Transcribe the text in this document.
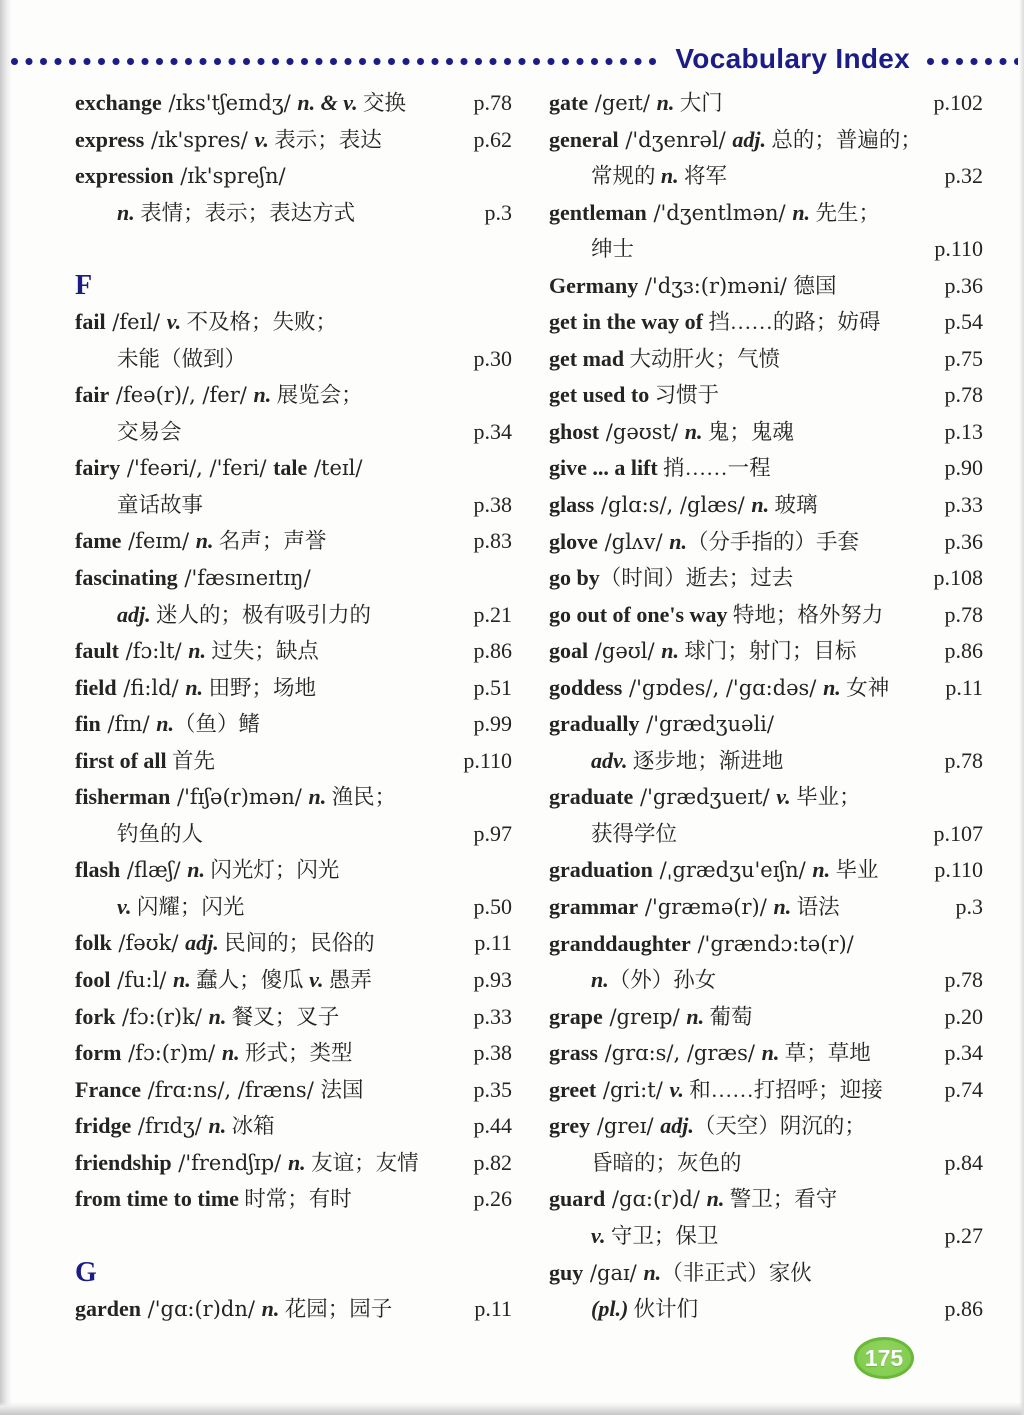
Vocabulary Index
exchange /ɪks'tʃeɪndʒ/ n. & v. 交换	p.78
express /ɪk'spres/ v. 表示；表达	p.62
expression /ɪk'spreʃn/
n. 表情；表示；表达方式	p.3
F
fail /feɪl/ v. 不及格；失败；
未能（做到）	p.30
fair /feə(r)/, /fer/ n. 展览会；
交易会	p.34
fairy /'feəri/, /'feri/ tale /teɪl/
童话故事	p.38
fame /feɪm/ n. 名声；声誉	p.83
fascinating /'fæsɪneɪtɪŋ/
adj. 迷人的；极有吸引力的	p.21
fault /fɔ:lt/ n. 过失；缺点	p.86
field /fi:ld/ n. 田野；场地	p.51
fin /fɪn/ n.（鱼）鳍	p.99
first of all 首先	p.110
fisherman /'fɪʃə(r)mən/ n. 渔民；
钓鱼的人	p.97
flash /flæʃ/ n. 闪光灯；闪光
v. 闪耀；闪光	p.50
folk /fəʊk/ adj. 民间的；民俗的	p.11
fool /fu:l/ n. 蠢人；傻瓜 v. 愚弄	p.93
fork /fɔ:(r)k/ n. 餐叉；叉子	p.33
form /fɔ:(r)m/ n. 形式；类型	p.38
France /frɑ:ns/, /fræns/ 法国	p.35
fridge /frɪdʒ/ n. 冰箱	p.44
friendship /'frendʃɪp/ n. 友谊；友情	p.82
from time to time 时常；有时	p.26
G
garden /'gɑ:(r)dn/ n. 花园；园子	p.11
gate /geɪt/ n. 大门	p.102
general /'dʒenrəl/ adj. 总的；普遍的；
常规的 n. 将军	p.32
gentleman /'dʒentlmən/ n. 先生；
绅士	p.110
Germany /'dʒɜ:(r)məni/ 德国	p.36
get in the way of 挡……的路；妨碍	p.54
get mad 大动肝火；气愤	p.75
get used to 习惯于	p.78
ghost /gəʊst/ n. 鬼；鬼魂	p.13
give ... a lift 捎……一程	p.90
glass /glɑ:s/, /glæs/ n. 玻璃	p.33
glove /glʌv/ n.（分手指的）手套	p.36
go by（时间）逝去；过去	p.108
go out of one's way 特地；格外努力	p.78
goal /gəʊl/ n. 球门；射门；目标	p.86
goddess /'gɒdes/, /'gɑ:dəs/ n. 女神	p.11
gradually /'grædʒuəli/
adv. 逐步地；渐进地	p.78
graduate /'grædʒueɪt/ v. 毕业；
获得学位	p.107
graduation /ˌgrædʒu'eɪʃn/ n. 毕业	p.110
grammar /'græmə(r)/ n. 语法	p.3
granddaughter /'grændɔ:tə(r)/
n.（外）孙女	p.78
grape /greɪp/ n. 葡萄	p.20
grass /grɑ:s/, /græs/ n. 草；草地	p.34
greet /gri:t/ v. 和……打招呼；迎接	p.74
grey /greɪ/ adj.（天空）阴沉的；
昏暗的；灰色的	p.84
guard /gɑ:(r)d/ n. 警卫；看守
v. 守卫；保卫	p.27
guy /gaɪ/ n.（非正式）家伙
(pl.) 伙计们	p.86
175
